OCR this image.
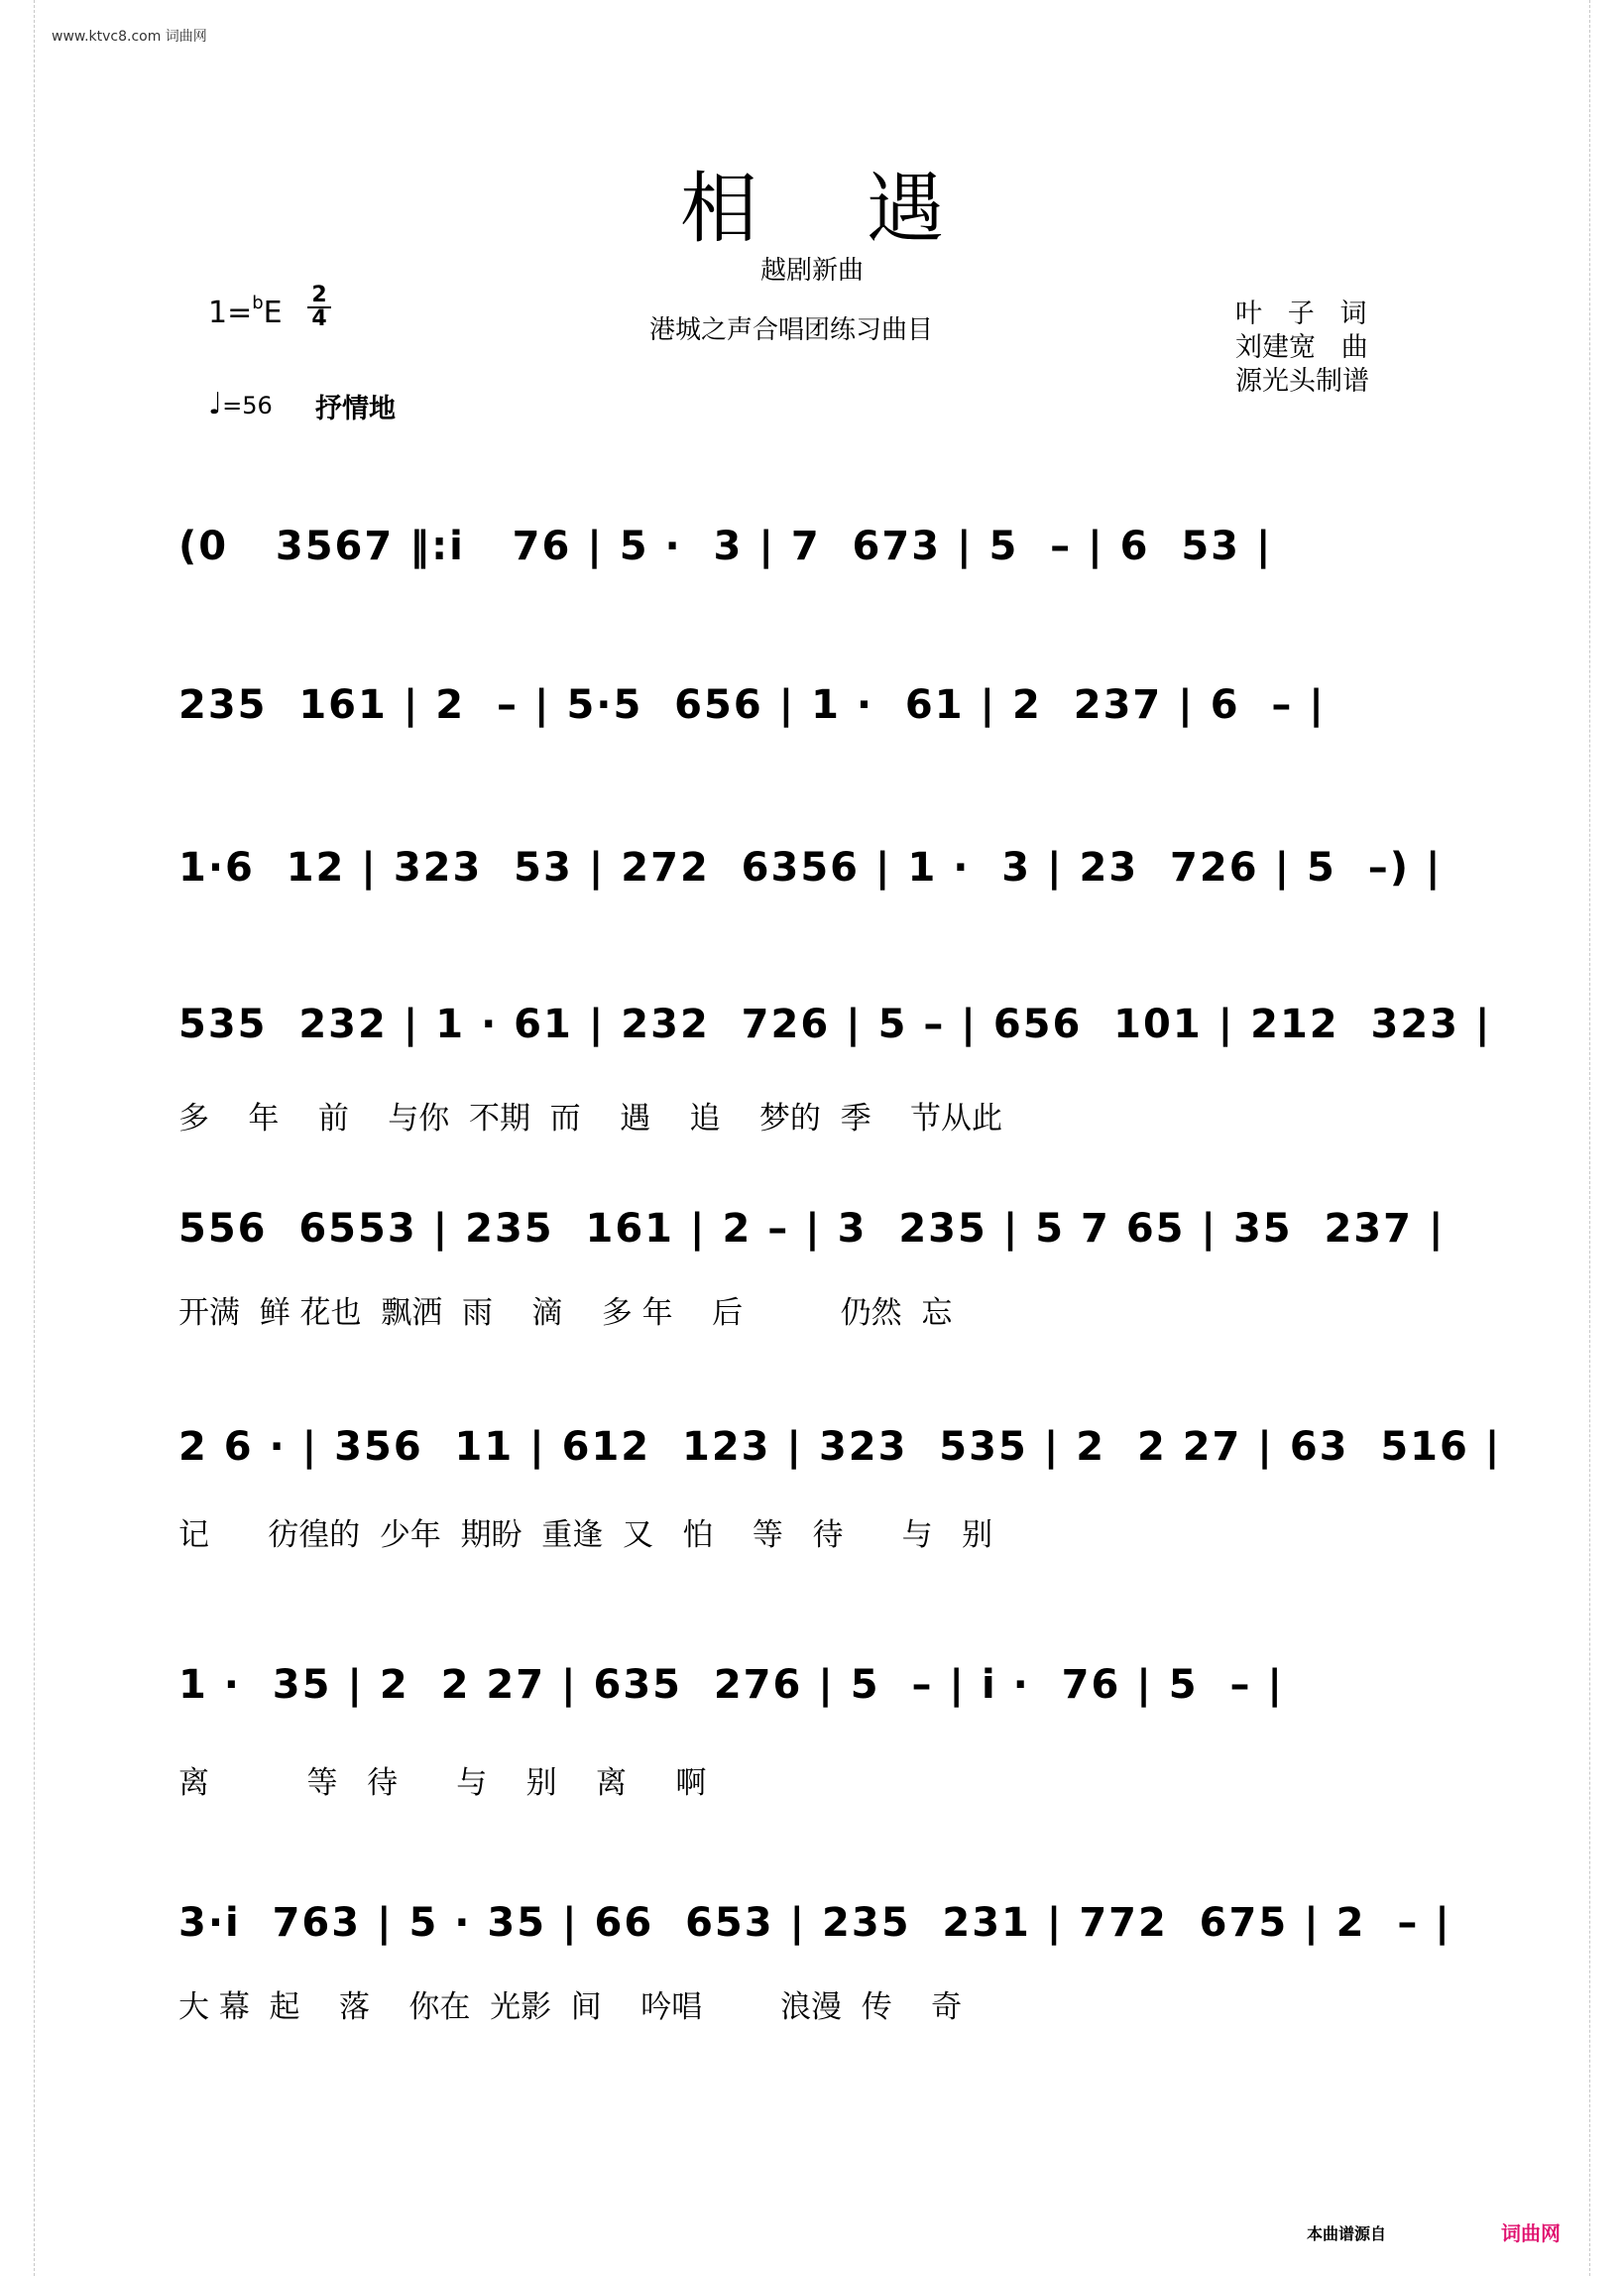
www.ktvc8.com 词曲网
相遇
越剧新曲
1=$^b$E
2
4	港城之声合唱团练习曲目
叶   子   词
刘建宽   曲
源光头制谱
♩=56 抒情地
(0   3567 ‖:i   76 | 5 ·  3 | 7  673 | 5  – | 6  53 |
235  161 | 2  – | 5·5  656 | 1 ·  61 | 2  237 | 6  – |
1·6  12 | 323  53 | 272  6356 | 1 ·  3 | 23  726 | 5  –) |
535  232 | 1 · 61 | 232  726 | 5 – | 656  101 | 212  323 |
多    年    前    与你  不期  而    遇    追    梦的  季    节从此
556  6553 | 235  161 | 2 – | 3  235 | 5 7 65 | 35  237 |
开满  鲜 花也  飘洒  雨    滴    多 年    后          仍然  忘
2 6 · | 356  11 | 612  123 | 323  535 | 2  2 27 | 63  516 |
记      彷徨的  少年  期盼  重逢  又   怕    等   待      与   别
1 ·  35 | 2  2 27 | 635  276 | 5  – | i ·  76 | 5  – |
离          等   待      与    别    离     啊
3·i  763 | 5 · 35 | 66  653 | 235  231 | 772  675 | 2  – |
大 幕  起    落    你在  光影  间    吟唱        浪漫  传    奇
本曲谱源自	词曲网
